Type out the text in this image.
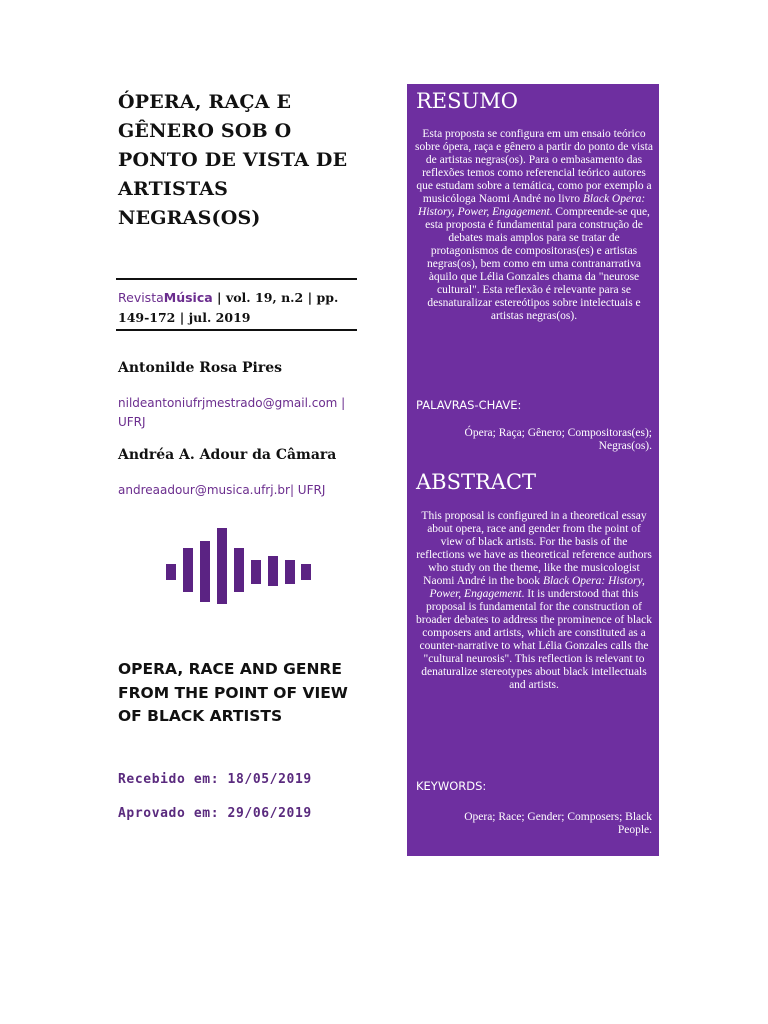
ÓPERA, RAÇA E GÊNERO SOB O PONTO DE VISTA DE ARTISTAS NEGRAS(OS)
RevistaMúsica | vol. 19, n.2 | pp. 149-172 | jul. 2019
Antonilde Rosa Pires
nildeantoniufrjmestrado@gmail.com | UFRJ
Andréa A. Adour da Câmara
andreaadour@musica.ufrj.br| UFRJ
OPERA, RACE AND GENRE FROM THE POINT OF VIEW OF BLACK ARTISTS
Recebido em: 18/05/2019
Aprovado em: 29/06/2019
RESUMO

Esta proposta se configura em um ensaio teórico sobre ópera, raça e gênero a partir do ponto de vista de artistas negras(os). Para o embasamento das reflexões temos como referencial teórico autores que estudam sobre a temática, como por exemplo a musicóloga Naomi André no livro Black Opera: History, Power, Engagement. Compreende-se que, esta proposta é fundamental para construção de debates mais amplos para se tratar de protagonismos de compositoras(es) e artistas negras(os), bem como em uma contranarrativa àquilo que Lélia Gonzales chama da "neurose cultural". Esta reflexão é relevante para se desnaturalizar estereótipos sobre intelectuais e artistas negras(os).

PALAVRAS-CHAVE:
Ópera; Raça; Gênero; Compositoras(es); Negras(os).
ABSTRACT

This proposal is configured in a theoretical essay about opera, race and gender from the point of view of black artists. For the basis of the reflections we have as theoretical reference authors who study on the theme, like the musicologist Naomi André in the book Black Opera: History, Power, Engagement. It is understood that this proposal is fundamental for the construction of broader debates to address the prominence of black composers and artists, which are constituted as a counter-narrative to what Lélia Gonzales calls the "cultural neurosis". This reflection is relevant to denaturalize stereotypes about black intellectuals and artists.

KEYWORDS:
Opera; Race; Gender; Composers; Black People.
